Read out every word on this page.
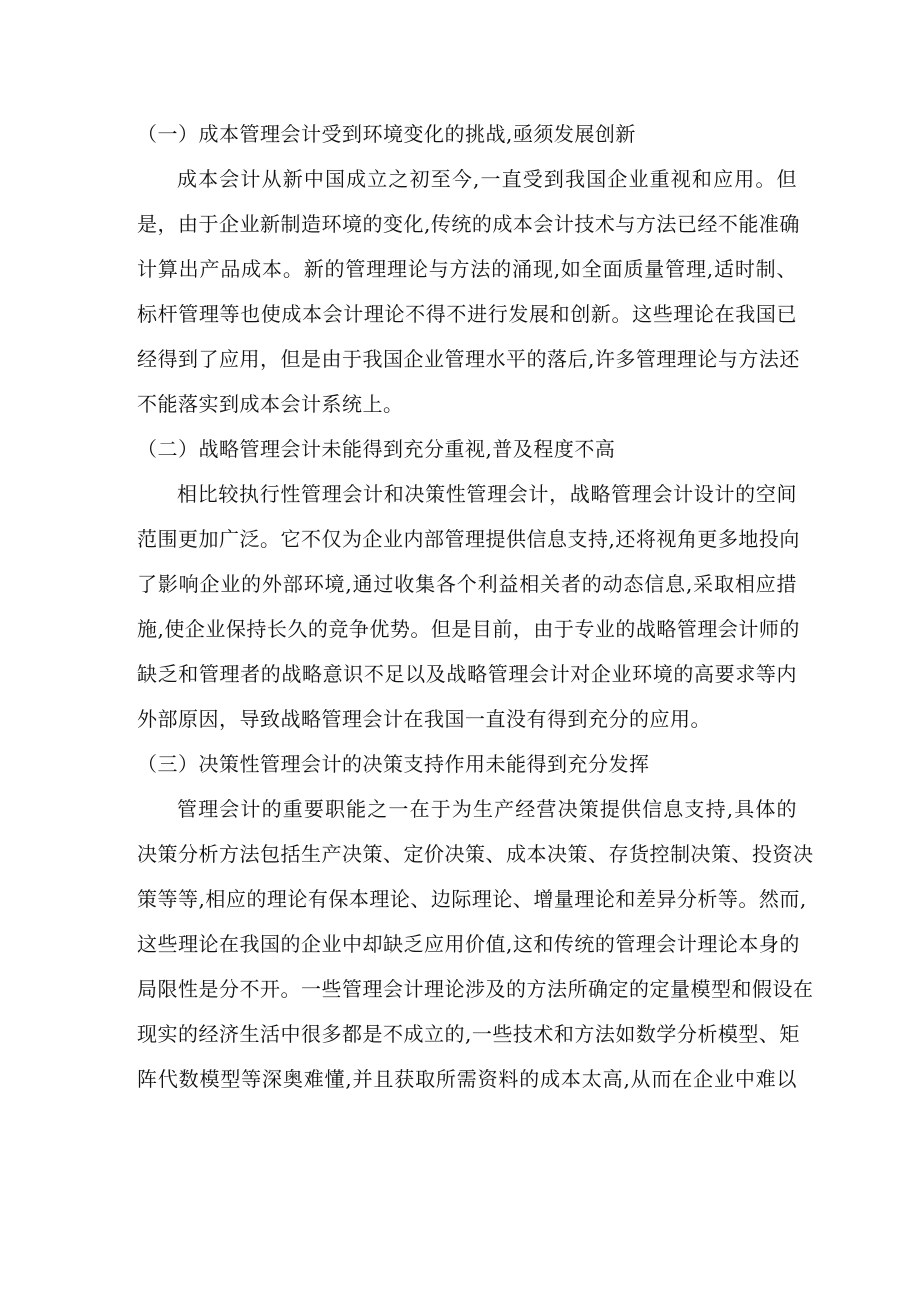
（一）成本管理会计受到环境变化的挑战,亟须发展创新
成本会计从新中国成立之初至今,一直受到我国企业重视和应用。但
是，由于企业新制造环境的变化,传统的成本会计技术与方法已经不能准确
计算出产品成本。新的管理理论与方法的涌现,如全面质量管理,适时制、
标杆管理等也使成本会计理论不得不进行发展和创新。这些理论在我国已
经得到了应用，但是由于我国企业管理水平的落后,许多管理理论与方法还
不能落实到成本会计系统上。
（二）战略管理会计未能得到充分重视,普及程度不高
相比较执行性管理会计和决策性管理会计，战略管理会计设计的空间
范围更加广泛。它不仅为企业内部管理提供信息支持,还将视角更多地投向
了影响企业的外部环境,通过收集各个利益相关者的动态信息,采取相应措
施,使企业保持长久的竞争优势。但是目前，由于专业的战略管理会计师的
缺乏和管理者的战略意识不足以及战略管理会计对企业环境的高要求等内
外部原因，导致战略管理会计在我国一直没有得到充分的应用。
（三）决策性管理会计的决策支持作用未能得到充分发挥
管理会计的重要职能之一在于为生产经营决策提供信息支持,具体的
决策分析方法包括生产决策、定价决策、成本决策、存货控制决策、投资决
策等等,相应的理论有保本理论、边际理论、增量理论和差异分析等。然而,
这些理论在我国的企业中却缺乏应用价值,这和传统的管理会计理论本身的
局限性是分不开。一些管理会计理论涉及的方法所确定的定量模型和假设在
现实的经济生活中很多都是不成立的,一些技术和方法如数学分析模型、矩
阵代数模型等深奥难懂,并且获取所需资料的成本太高,从而在企业中难以
